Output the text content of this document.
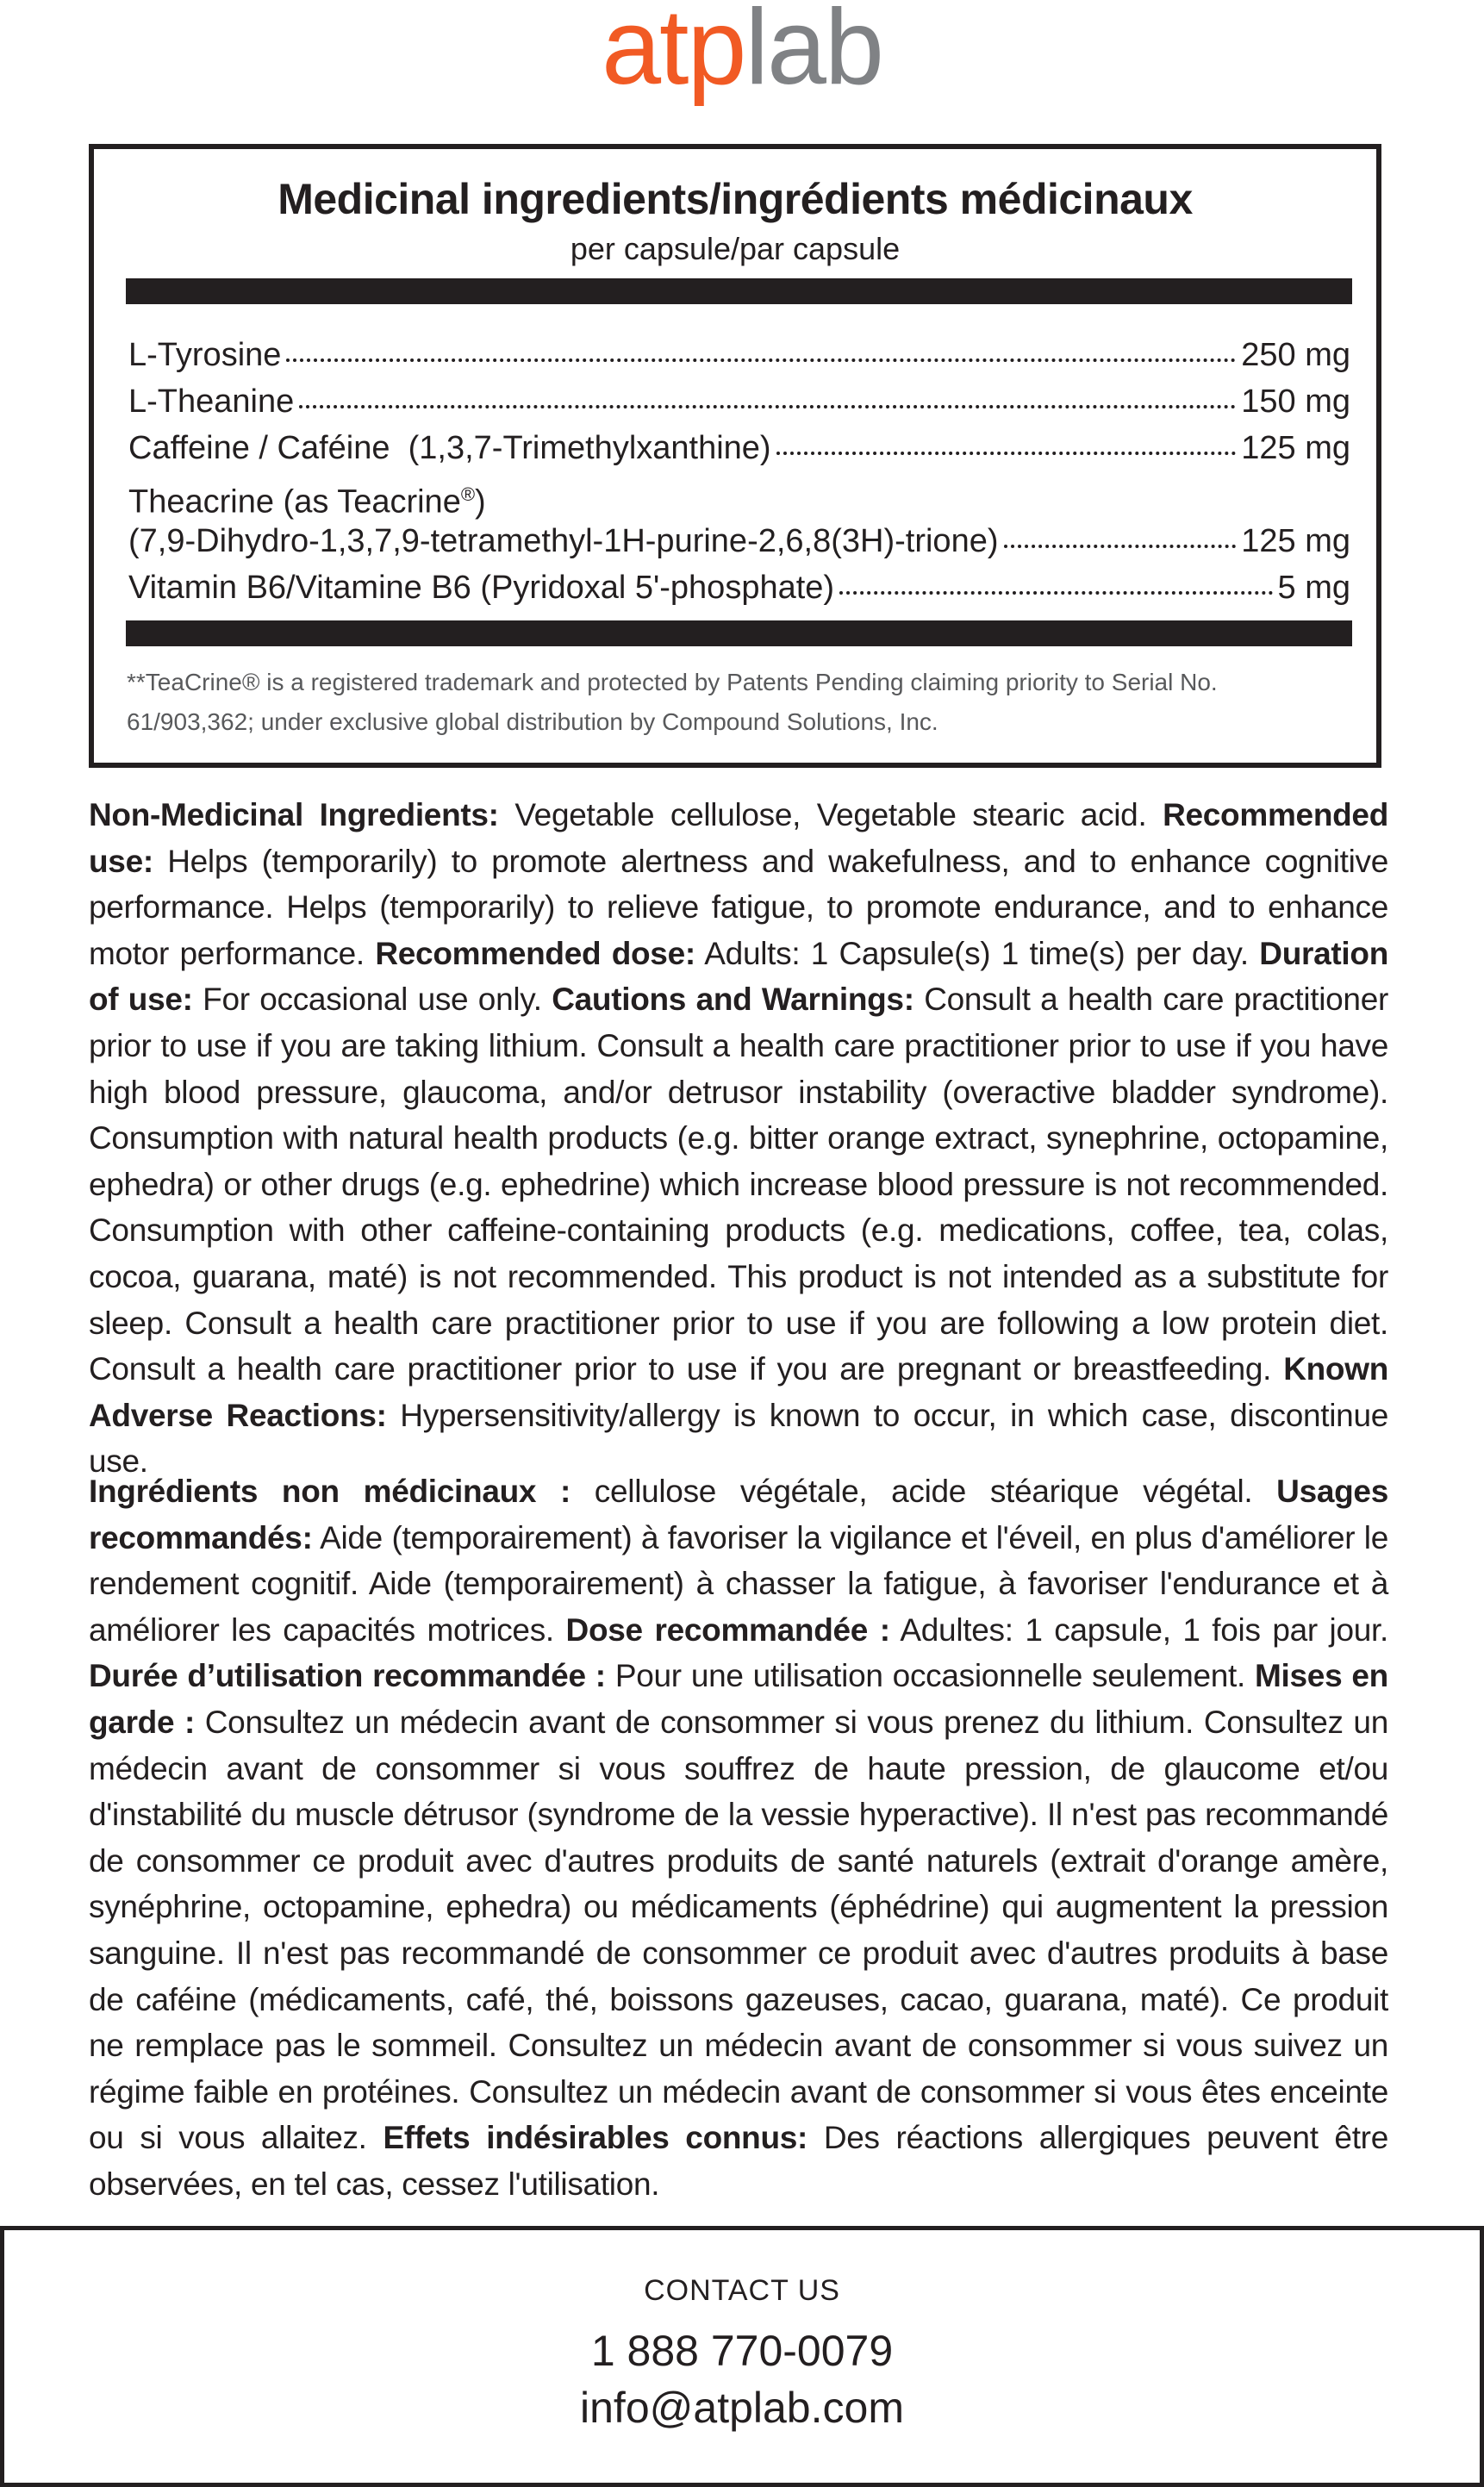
atplab
Medicinal ingredients/ingrédients médicinaux
per capsule/par capsule
L-Tyrosine	250 mg
L-Theanine	150 mg
Caffeine / Caféine  (1,3,7-Trimethylxanthine)	125 mg
Theacrine (as Teacrine®)
(7,9-Dihydro-1,3,7,9-tetramethyl-1H-purine-2,6,8(3H)-trione)	125 mg
Vitamin B6/Vitamine B6 (Pyridoxal 5'-phosphate)	5 mg
**TeaCrine® is a registered trademark and protected by Patents Pending claiming priority to Serial No. 61/903,362; under exclusive global distribution by Compound Solutions, Inc.
Non-Medicinal Ingredients: Vegetable cellulose, Vegetable stearic acid. Recommended use: Helps (temporarily) to promote alertness and wakefulness, and to enhance cognitive performance. Helps (temporarily) to relieve fatigue, to promote endurance, and to enhance motor performance. Recommended dose: Adults: 1 Capsule(s) 1 time(s) per day. Duration of use: For occasional use only. Cautions and Warnings: Consult a health care practitioner prior to use if you are taking lithium. Consult a health care practitioner prior to use if you have high blood pressure, glaucoma, and/or detrusor instability (overactive bladder syndrome). Consumption with natural health products (e.g. bitter orange extract, synephrine, octopamine, ephedra) or other drugs (e.g. ephedrine) which increase blood pressure is not recommended. Consumption with other caffeine-containing products (e.g. medications, coffee, tea, colas, cocoa, guarana, maté) is not recommended. This product is not intended as a substitute for sleep. Consult a health care practitioner prior to use if you are following a low protein diet. Consult a health care practitioner prior to use if you are pregnant or breastfeeding. Known Adverse Reactions: Hypersensitivity/allergy is known to occur, in which case, discontinue use.
Ingrédients non médicinaux : cellulose végétale, acide stéarique végétal. Usages recommandés: Aide (temporairement) à favoriser la vigilance et l'éveil, en plus d'améliorer le rendement cognitif. Aide (temporairement) à chasser la fatigue, à favoriser l'endurance et à améliorer les capacités motrices. Dose recommandée : Adultes: 1 capsule, 1 fois par jour. Durée d’utilisation recommandée : Pour une utilisation occasionnelle seulement. Mises en garde : Consultez un médecin avant de consommer si vous prenez du lithium. Consultez un médecin avant de consommer si vous souffrez de haute pression, de glaucome et/ou d'instabilité du muscle détrusor (syndrome de la vessie hyperactive). Il n'est pas recommandé de consommer ce produit avec d'autres produits de santé naturels (extrait d'orange amère, synéphrine, octopamine, ephedra) ou médicaments (éphédrine) qui augmentent la pression sanguine. Il n'est pas recommandé de consommer ce produit avec d'autres produits à base de caféine (médicaments, café, thé, boissons gazeuses, cacao, guarana, maté). Ce produit ne remplace pas le sommeil. Consultez un médecin avant de consommer si vous suivez un régime faible en protéines. Consultez un médecin avant de consommer si vous êtes enceinte ou si vous allaitez. Effets indésirables connus: Des réactions allergiques peuvent être observées, en tel cas, cessez l'utilisation.
CONTACT US
1 888 770-0079
info@atplab.com
